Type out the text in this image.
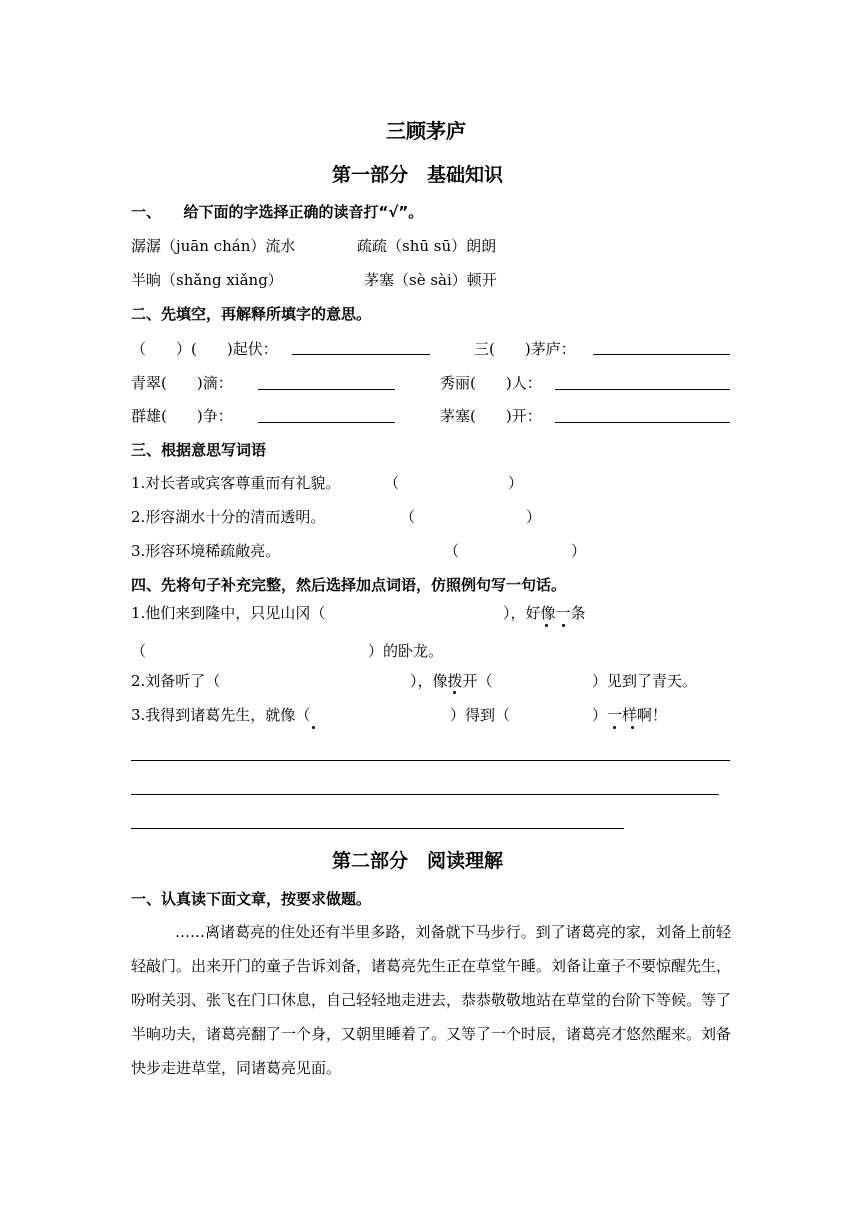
三顾茅庐
第一部分　基础知识
一、　　给下面的字选择正确的读音打“√”。
潺潺（juān chán）流水	疏疏（shū sū）朗朗
半晌（shǎng xiǎng）	茅塞（sè sài）顿开
二、先填空，再解释所填字的意思。
（　　）(　　)起伏：	三(　　)茅庐：
青翠(　　)滴：	秀丽(　　)人：
群雄(　　)争：	茅塞(　　)开：
三、根据意思写词语
1.对长者或宾客尊重而有礼貌。	（	）
2.形容湖水十分的清而透明。	（	）
3.形容环境稀疏敞亮。	（	）
四、先将句子补充完整，然后选择加点词语，仿照例句写一句话。
1.他们来到隆中，只见山冈（	），好像一条
（	）的卧龙。
2.刘备听了（	），像拨开（	）见到了青天。
3.我得到诸葛先生，就像（	）得到（	）一样啊！
第二部分　阅读理解
一、认真读下面文章，按要求做题。
……离诸葛亮的住处还有半里多路，刘备就下马步行。到了诸葛亮的家，刘备上前轻轻敲门。出来开门的童子告诉刘备，诸葛亮先生正在草堂午睡。刘备让童子不要惊醒先生，吩咐关羽、张飞在门口休息，自己轻轻地走进去，恭恭敬敬地站在草堂的台阶下等候。等了半晌功夫，诸葛亮翻了一个身，又朝里睡着了。又等了一个时辰，诸葛亮才悠然醒来。刘备快步走进草堂，同诸葛亮见面。
